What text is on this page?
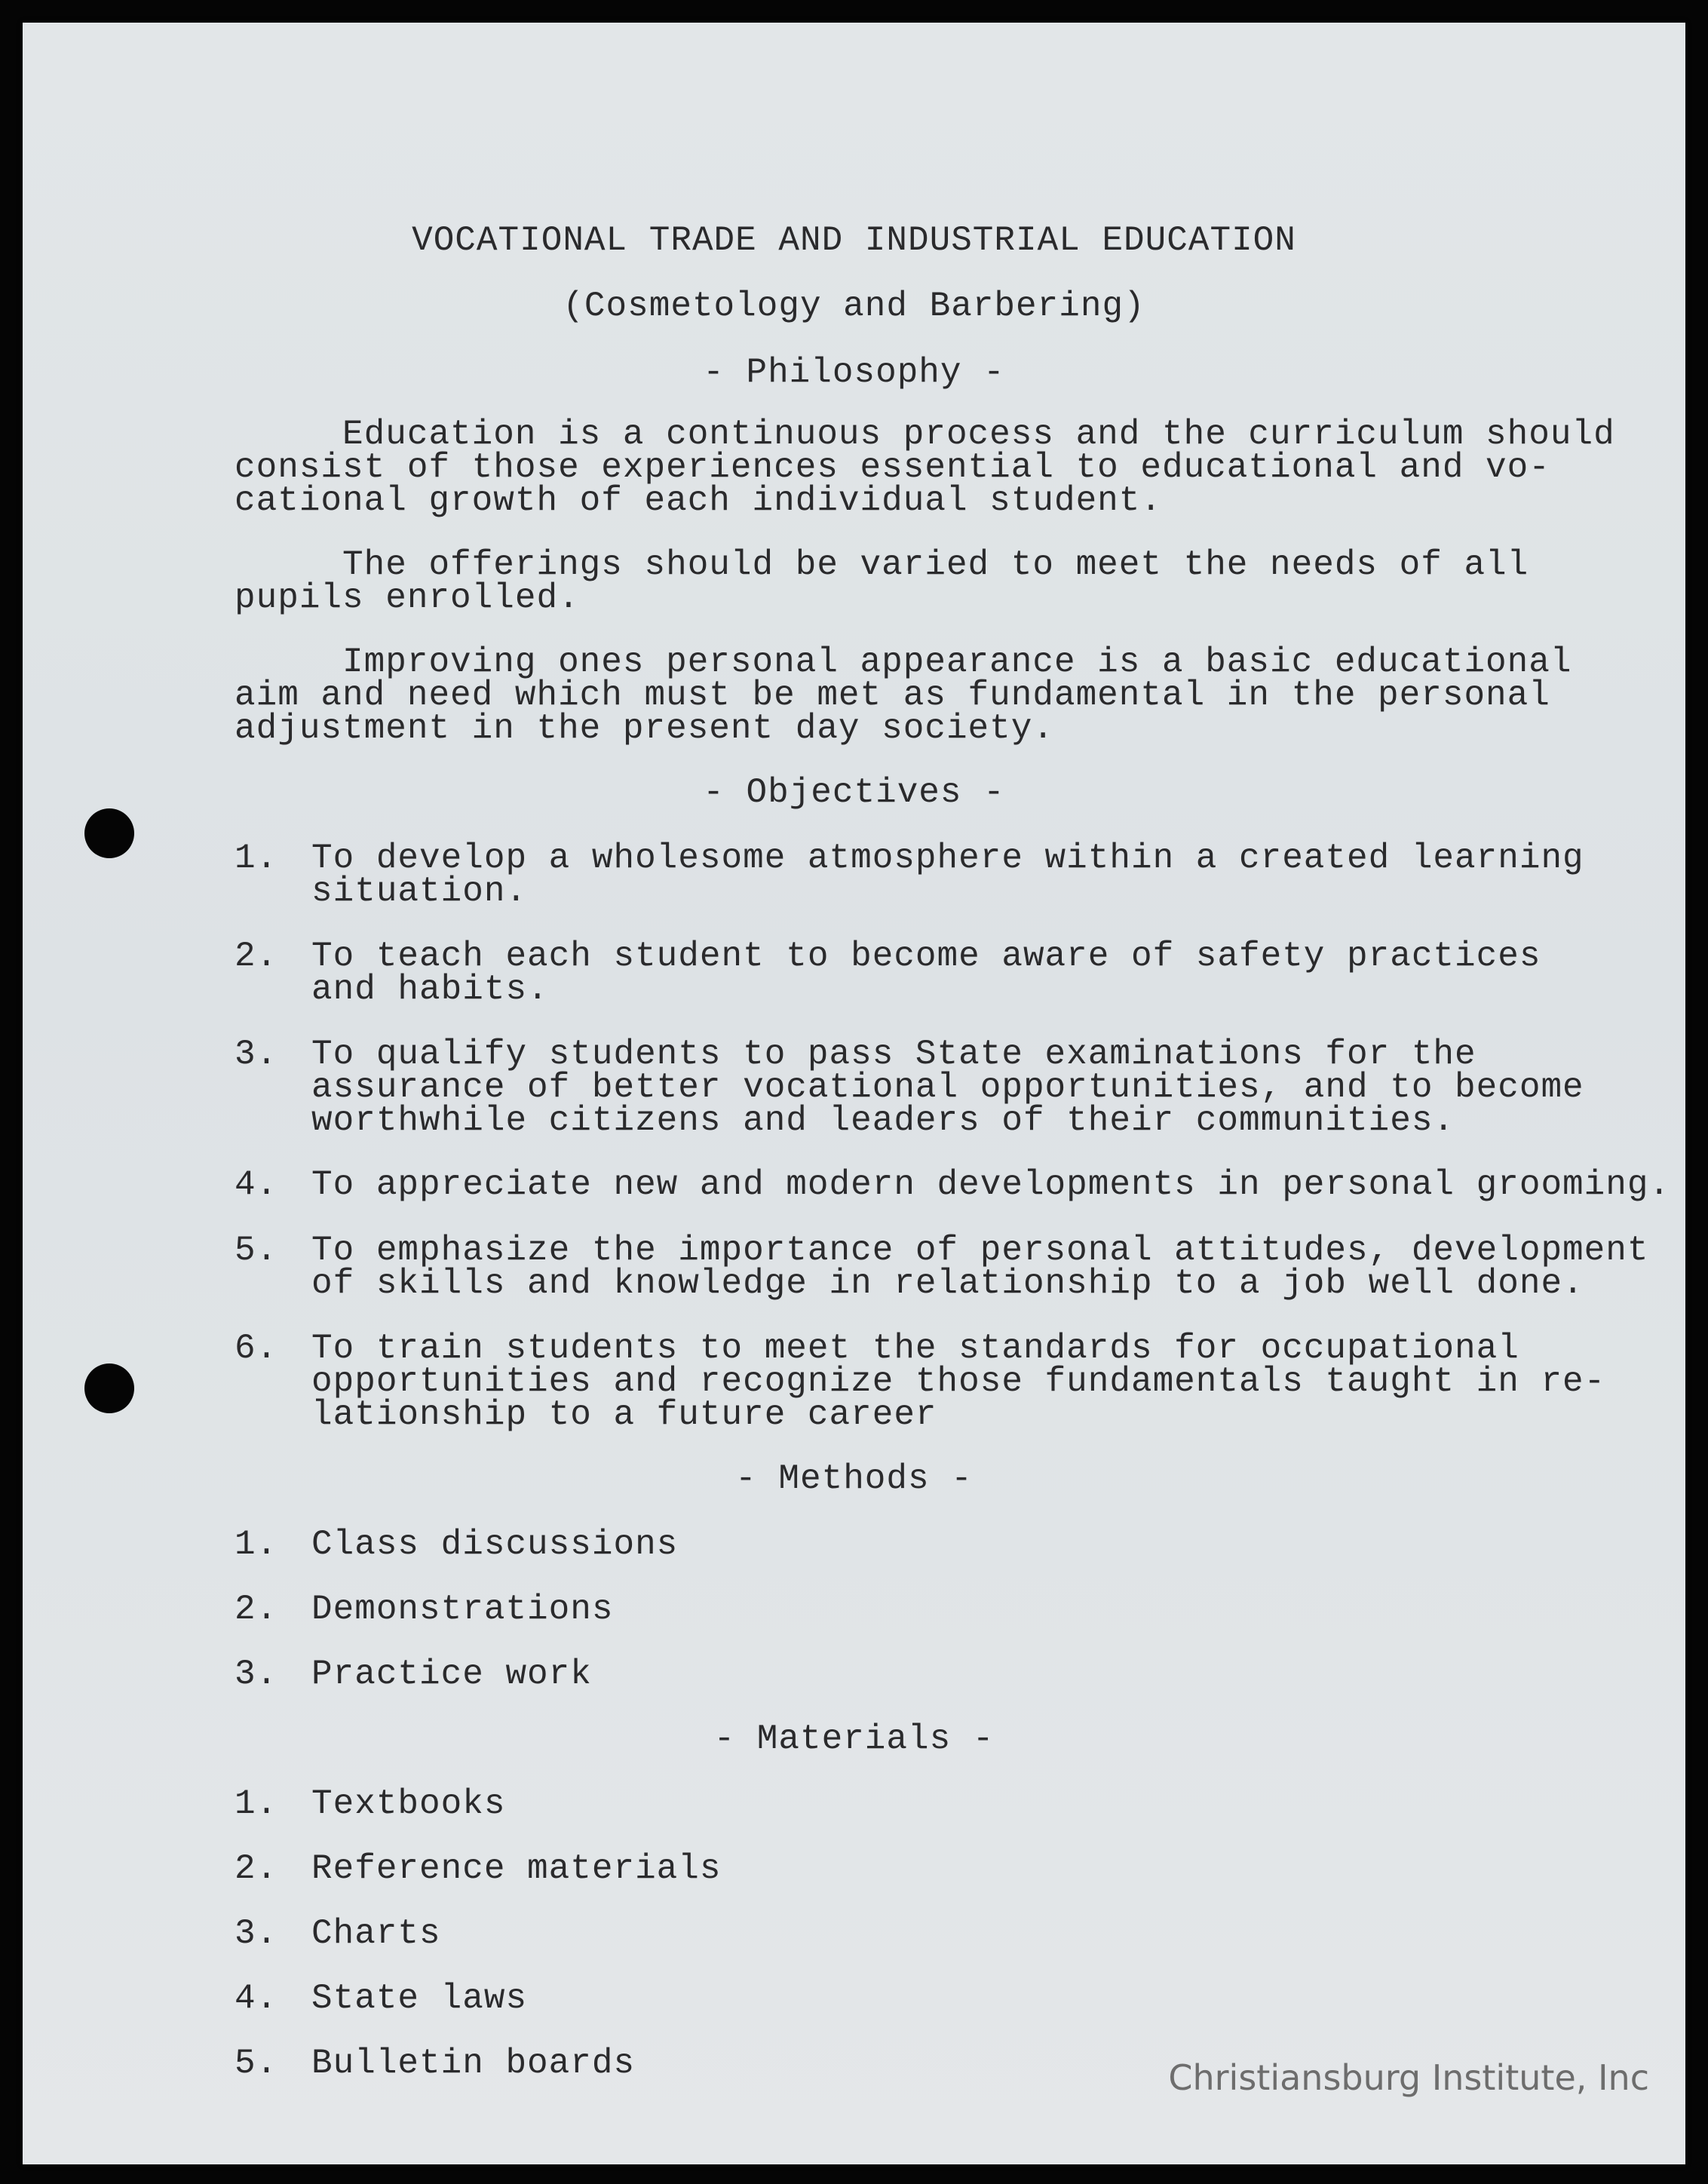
VOCATIONAL TRADE AND INDUSTRIAL EDUCATION
(Cosmetology and Barbering)
- Philosophy -
Education is a continuous process and the curriculum should
consist of those experiences essential to educational and vo-
cational growth of each individual student.
The offerings should be varied to meet the needs of all
pupils enrolled.
Improving ones personal appearance is a basic educational
aim and need which must be met as fundamental in the personal
adjustment in the present day society.
- Objectives -
1. To develop a wholesome atmosphere within a created learning
situation.
2. To teach each student to become aware of safety practices
and habits.
3. To qualify students to pass State examinations for the
assurance of better vocational opportunities, and to become
worthwhile citizens and leaders of their communities.
4. To appreciate new and modern developments in personal grooming.
5. To emphasize the importance of personal attitudes, development
of skills and knowledge in relationship to a job well done.
6. To train students to meet the standards for occupational
opportunities and recognize those fundamentals taught in re-
lationship to a future career
- Methods -
1. Class discussions
2. Demonstrations
3. Practice work
- Materials -
1. Textbooks
2. Reference materials
3. Charts
4. State laws
5. Bulletin boards	Christiansburg Institute, Inc
